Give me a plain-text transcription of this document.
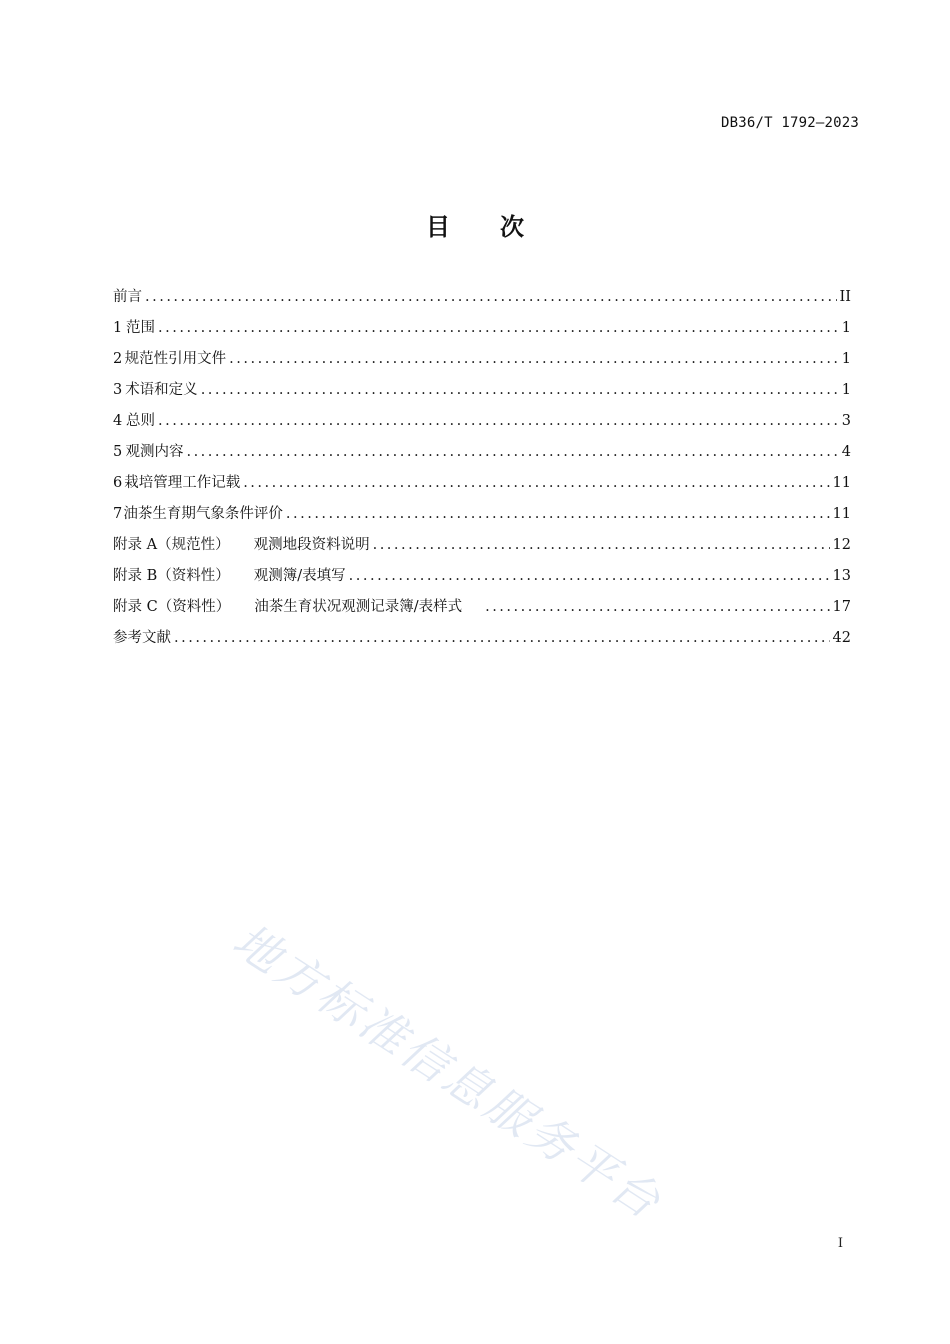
DB36/T 1792—2023
目 次
前言 .....	II
1 范围 .....	1
2 规范性引用文件 .....	1
3 术语和定义 .....	1
4 总则 .....	3
5 观测内容 .....	4
6 栽培管理工作记载 .....	11
7 油茶生育期气象条件评价 .....	11
附录 A（规范性） 观测地段资料说明 .....	12
附录 B（资料性） 观测簿/表填写 .....	13
附录 C（资料性） 油茶生育状况观测记录簿/表样式 .....	17
参考文献 .....	42
地方标准信息服务平台
I
